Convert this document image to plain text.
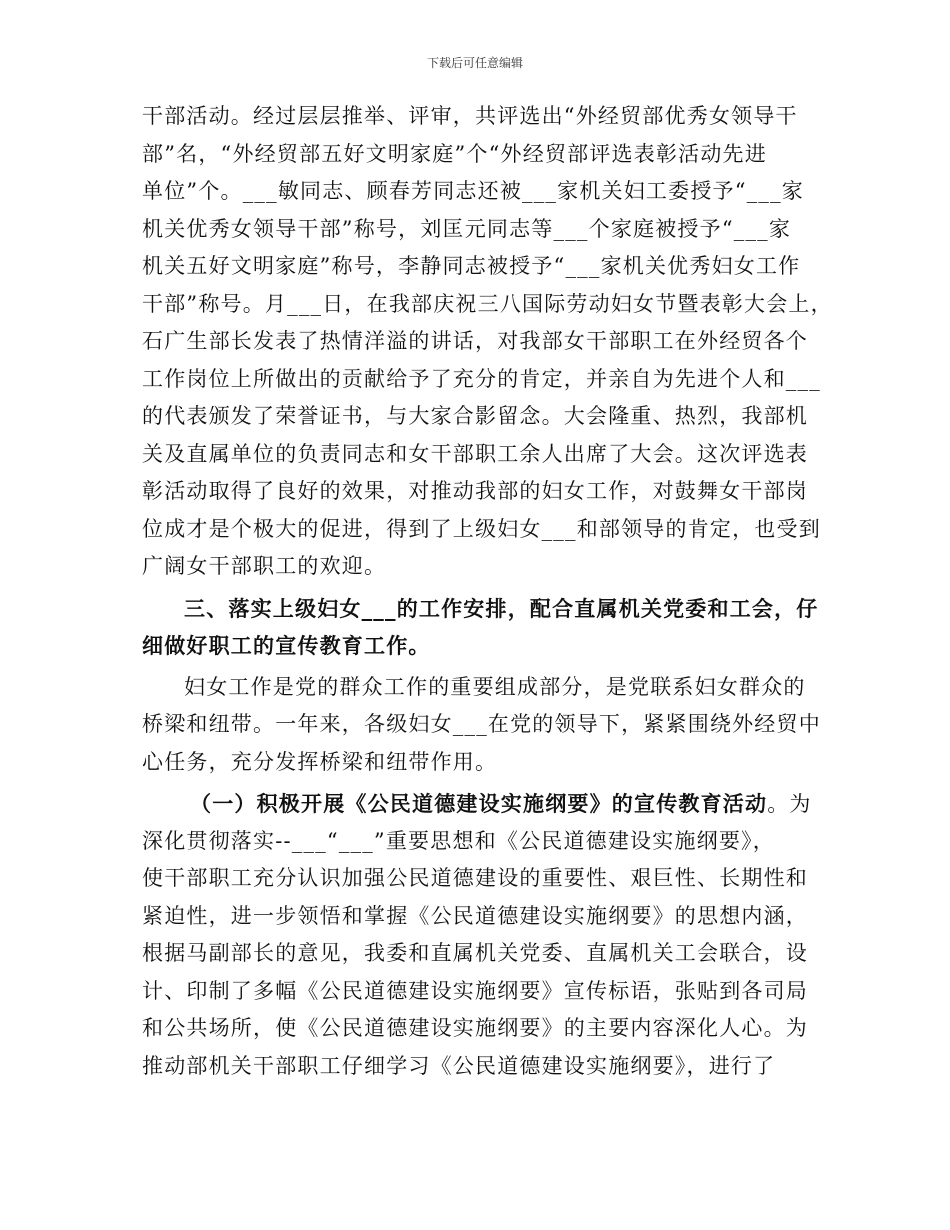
下载后可任意编辑
干部活动。经过层层推举、评审，共评选出“外经贸部优秀女领导干
部”名，“外经贸部五好文明家庭”个“外经贸部评选表彰活动先进
单位”个。___敏同志、顾春芳同志还被___家机关妇工委授予“___家
机关优秀女领导干部”称号，刘匡元同志等___个家庭被授予“___家
机关五好文明家庭”称号，李静同志被授予“___家机关优秀妇女工作
干部”称号。月___日，在我部庆祝三八国际劳动妇女节暨表彰大会上，
石广生部长发表了热情洋溢的讲话，对我部女干部职工在外经贸各个
工作岗位上所做出的贡献给予了充分的肯定，并亲自为先进个人和___
的代表颁发了荣誉证书，与大家合影留念。大会隆重、热烈，我部机
关及直属单位的负责同志和女干部职工余人出席了大会。这次评选表
彰活动取得了良好的效果，对推动我部的妇女工作，对鼓舞女干部岗
位成才是个极大的促进，得到了上级妇女___和部领导的肯定，也受到
广阔女干部职工的欢迎。
三、落实上级妇女___的工作安排，配合直属机关党委和工会，仔
细做好职工的宣传教育工作。
妇女工作是党的群众工作的重要组成部分，是党联系妇女群众的
桥梁和纽带。一年来，各级妇女___在党的领导下，紧紧围绕外经贸中
心任务，充分发挥桥梁和纽带作用。
（一）积极开展《公民道德建设实施纲要》的宣传教育活动。为
深化贯彻落实--___“___”重要思想和《公民道德建设实施纲要》，
使干部职工充分认识加强公民道德建设的重要性、艰巨性、长期性和
紧迫性，进一步领悟和掌握《公民道德建设实施纲要》的思想内涵，
根据马副部长的意见，我委和直属机关党委、直属机关工会联合，设
计、印制了多幅《公民道德建设实施纲要》宣传标语，张贴到各司局
和公共场所，使《公民道德建设实施纲要》的主要内容深化人心。为
推动部机关干部职工仔细学习《公民道德建设实施纲要》，进行了
